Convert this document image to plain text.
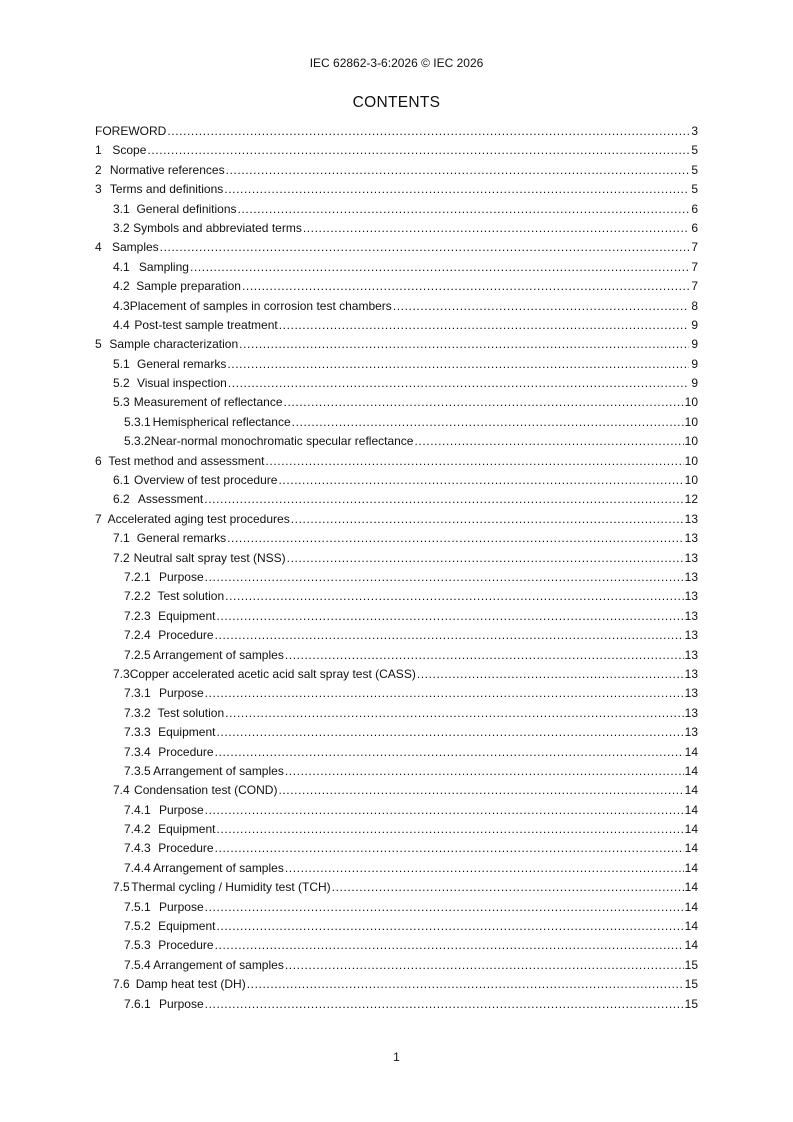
IEC 62862-3-6:2026 © IEC 2026
CONTENTS
FOREWORD .....	3
1 Scope .....	5
2 Normative references .....	5
3 Terms and definitions .....	5
3.1 General definitions .....	6
3.2 Symbols and abbreviated terms .....	6
4 Samples .....	7
4.1 Sampling .....	7
4.2 Sample preparation .....	7
4.3 Placement of samples in corrosion test chambers .....	8
4.4 Post-test sample treatment .....	9
5 Sample characterization .....	9
5.1 General remarks .....	9
5.2 Visual inspection .....	9
5.3 Measurement of reflectance .....	10
5.3.1 Hemispherical reflectance .....	10
5.3.2 Near-normal monochromatic specular reflectance .....	10
6 Test method and assessment .....	10
6.1 Overview of test procedure .....	10
6.2 Assessment .....	12
7 Accelerated aging test procedures .....	13
7.1 General remarks .....	13
7.2 Neutral salt spray test (NSS) .....	13
7.2.1 Purpose .....	13
7.2.2 Test solution .....	13
7.2.3 Equipment .....	13
7.2.4 Procedure .....	13
7.2.5 Arrangement of samples .....	13
7.3 Copper accelerated acetic acid salt spray test (CASS) .....	13
7.3.1 Purpose .....	13
7.3.2 Test solution .....	13
7.3.3 Equipment .....	13
7.3.4 Procedure .....	14
7.3.5 Arrangement of samples .....	14
7.4 Condensation test (COND) .....	14
7.4.1 Purpose .....	14
7.4.2 Equipment .....	14
7.4.3 Procedure .....	14
7.4.4 Arrangement of samples .....	14
7.5 Thermal cycling / Humidity test (TCH) .....	14
7.5.1 Purpose .....	14
7.5.2 Equipment .....	14
7.5.3 Procedure .....	14
7.5.4 Arrangement of samples .....	15
7.6 Damp heat test (DH) .....	15
7.6.1 Purpose .....	15
1
